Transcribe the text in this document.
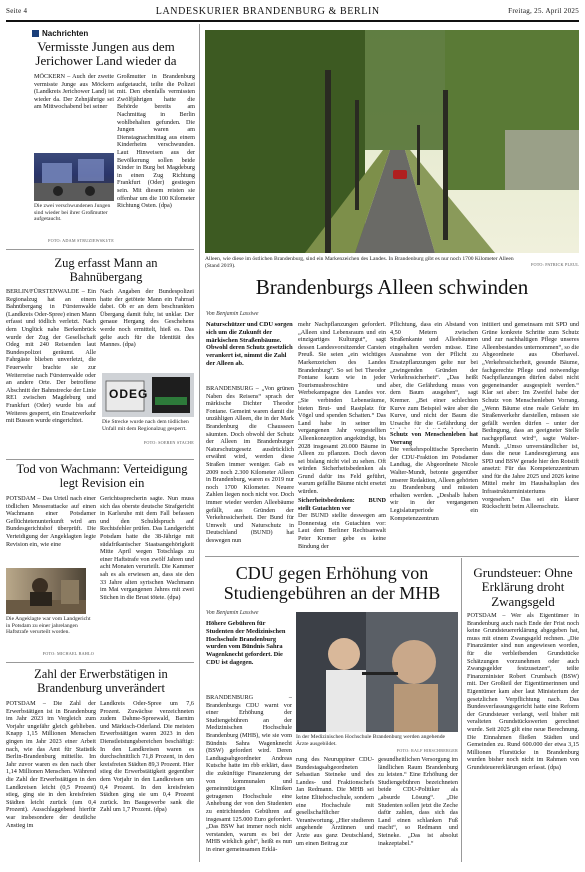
Seite 4	LANDESKURIER BRANDENBURG & BERLIN	Freitag, 25. April 2025
Nachrichten
Vermisste Jungen aus dem Jerichower Land wieder da
MÖCKERN – Auch der zweite vermisste Junge aus Möckern (Landkreis Jerichower Land) ist wieder da. Der Zehnjährige sei am Mittwochabend bei seiner
Die zwei verschwundenen Jungen sind wieder bei ihrer Großmutter aufgetaucht.
FOTO: ADAM STRUZIEWSKI/TE
Großmutter in Brandenburg aufgetaucht, teilte die Polizei mit. Den ebenfalls vermissten Zwölfjährigen hatte die Behörde bereits am Nachmittag in Berlin wohlbehalten gefunden. Die Jungen waren am Dienstagnachmittag aus einem Kinderheim verschwunden. Laut Hinweisen aus der Bevölkerung sollen beide Kinder in Burg bei Magdeburg in einen Zug Richtung Frankfurt (Oder) gestiegen sein. Mit diesem reisten sie offenbar um die 100 Kilometer Richtung Osten. (dpa)
Zug erfasst Mann an Bahnübergang
BERLIN/FÜRSTENWALDE – Ein Regionalzug hat an einem Bahnübergang in Fürstenwalde (Landkreis Oder-Spree) einen Mann erfasst und tödlich verletzt. Nach dem Unglück nahe Berkenbrück wurde der Zug der Gesellschaft Odeg mit 240 Reisenden laut Bundespolizei geräumt. Alle Fahrgäste blieben unverletzt, die Feuerwehr brachte sie zur Weiterreise nach Fürstenwalde oder an andere Orte. Der betroffene Abschnitt der Bahnstrecke der Linie RE1 zwischen Magdeburg und Frankfurt (Oder) wurde bis auf Weiteres gesperrt, ein Ersatzverkehr mit Bussen wurde eingerichtet.
Nach Angaben der Bundespolizei hatte der getötete Mann ein Fahrrad dabei. Ob er an dem beschrankten Übergang damit fuhr, ist unklar. Der genaue Hergang des Geschehens werde noch ermittelt, hieß es. Das gelte auch für die Identität des Mannes. (dpa)
ODEG
Die Strecke wurde nach dem tödlichen Unfall mit dem Regionalzug gesperrt.
FOTO: SOEREN STACHE
Tod von Wachmann: Verteidigung legt Revision ein
POTSDAM – Das Urteil nach einer tödlichen Messerattacke auf einen Wachmann einer Potsdamer Geflüchtetenunterkunft wird am Bundesgerichtshof überprüft. Die Verteidigung der Angeklagten legte Revision ein, wie eine
Die Angeklagte war vom Landgericht in Potsdam zu einer jahrelangen Haftstrafe verurteilt worden.
FOTO: MICHAEL BAHLO
Gerichtssprecherin sagte. Nun muss sich das oberste deutsche Strafgericht in Karlsruhe mit dem Fall befassen und den Schuldspruch auf Rechtsfehler prüfen. Das Landgericht Potsdam hatte die 38-Jährige mit südafrikanischer Staatsangehörigkeit Mitte April wegen Totschlags zu einer Haftstrafe von zwölf Jahren und acht Monaten verurteilt. Die Kammer sah es als erwiesen an, dass sie den 33 Jahre alten syrischen Wachmann im Mai vergangenen Jahres mit zwei Stichen in die Brust tötete. (dpa)
Zahl der Erwerbstätigen in Brandenburg unverändert
POTSDAM – Die Zahl der Erwerbstätigen ist in Brandenburg im Jahr 2023 im Vergleich zum Vorjahr ungefähr gleich geblieben. Knapp 1,15 Millionen Menschen gingen im Jahr 2023 einer Arbeit nach, wie das Amt für Statistik Berlin-Brandenburg mitteilte. Im Jahr zuvor waren es den nach über 1,14 Millionen Menschen. Während die Zahl der Erwerbstätigen in den Landkreisen leicht (0,5 Prozent) stieg, ging sie in den kreisfreien Städten leicht zurück (um 0,4 Prozent). Ausschlaggebend hierfür war insbesondere der deutliche Anstieg im
Landkreis Oder-Spree um 7,6 Prozent. Zuwächse verzeichneten zudem Dahme-Spreewald, Barnim und Märkisch-Oderland. Die meisten Erwerbstätigen waren 2023 in den Dienstleistungsbereichen beschäftigt: In den Landkreisen waren es durchschnittlich 71,8 Prozent, in den kreisfreien Städten 89,3 Prozent. Hier stieg die Erwerbstätigkeit gegenüber dem Vorjahr in den Landkreisen um 0,4 Prozent. In den kreisfreien Städten ging sie um 0,4 Prozent zurück. Im Baugewerbe sank die Zahl um 1,7 Prozent. (dpa)
Alleen, wie diese im östlichen Brandenburg, sind ein Markenzeichen des Landes. In Brandenburg gibt es nur noch 1700 Kilometer Alleen (Stand 2019).	FOTO: PATRICK PLEUL
Brandenburgs Alleen schwinden
Von Benjamin Lassiwe
Naturschützer und CDU sorgen sich um die Zukunft der märkischen Straßenbäume. Obwohl deren Schutz gesetzlich verankert ist, nimmt die Zahl der Alleen ab.
BRANDENBURG – „Von grünen Naben des Reisens“ sprach der märkische Dichter Theodor Fontane. Gemeint waren damit die unzähligen Alleen, die in der Mark Brandenburg die Chausseen säumten. Doch obwohl der Schutz der Alleen im Brandenburger Naturschutzgesetz ausdrücklich erwähnt wird, werden diese Straßen immer weniger. Gab es 2009 noch 2.300 Kilometer Alleen in Brandenburg, waren es 2019 nur noch 1700 Kilometer. Neuere Zahlen liegen noch nicht vor. Doch immer wieder werden Alleebäume gefällt, aus Gründen der Verkehrssicherheit. Der Bund für Umwelt und Naturschutz in Deutschland (BUND) hat deswegen nun
mehr Nachpflanzungen gefordert. „Alleen sind Lebensraum und ein einzigartiges Kulturgut“, sagt dessen Landesvorsitzender Carsten Preuß. Sie seien „ein wichtiges Markenzeichen des Landes Brandenburg“. So sei bei Theodor Fontane kaum wie in jeder Tourismusbroschüre und Werbekampagne des Landes vor. „Sie verbinden Lebensräume, bieten Brut- und Rastplatz für Vögel und spenden Schatten.“ Das Land habe in seiner im vergangenen Jahr vorgestellten Alleenkonzeption angekündigt, bis 2028 insgesamt 20.000 Bäume in Alleen zu pflanzen. Doch davon sei bislang nicht viel zu sehen. Oft würden Sicherheitsbedenken als Grund dafür ins Feld geführt, warum gefällte Bäume nicht ersetzt würden.
Sicherheitsbedenken: BUND stellt Gutachten vor
Der BUND stellte deswegen am Donnerstag ein Gutachten vor: Laut dem Berliner Rechtsanwalt Peter Kremer gebe es keine Bindung der
Pflichtung, dass ein Abstand von 4,50 Metern zwischen Straßenkante und Alleebäumen eingehalten werden müsse. Eine Ausnahme von der Pflicht zu Ersatzpflanzungen gelte nur bei „zwingenden Gründen der Verkehrssicherheit“. „Das heißt aber, die Gefährdung muss von dem Baum ausgehen“, sagt Kremer. „Bei einer schlechten Kurve zum Beispiel wäre aber die Kurve, und nicht der Baum die Ursache für die Gefährdung der
Schutz von Menschenleben hat Vorrang
Die verkehrspolitische Sprecherin der CDU-Fraktion im Potsdamer Landtag, die Abgeordnete Nicole Walter-Mundt, betonte gegenüber unserer Redaktion, Alleen gehörten zu Brandenburg und müssten erhalten werden. „Deshalb haben wir in der vergangenen Legislaturperiode ein Kompetenzzentrum
initiiert und gemeinsam mit SPD und Grüne konkrete Schritte zum Schutz und zur nachhaltigen Pflege unseres Alleenbestandes unternommen“, so die Abgeordnete aus Oberhavel. „Verkehrssicherheit, gesunde Bäume, fachgerechte Pflege und notwendige Nachpflanzungen dürfen dabei nicht gegeneinander ausgespielt werden.“ Klar sei aber: Im Zweifel habe der Schutz von Menschenleben Vorrang. „Wenn Bäume eine reale Gefahr im Straßenverkehr darstellen, müssen sie gefällt werden dürfen – unter der Bedingung, dass an geeigneter Stelle nachgepflanzt wird“, sagte Walter-Mundt. „Umso unverständlicher ist, dass die neue Landesregierung aus SPD und BSW gerade hier den Rotstift ansetzt: Für das Kompetenzzentrum sind für die Jahre 2025 und 2026 keine Mittel mehr im Haushaltsplan des Infrastrukturministeriums vorgesehen.“ Das sei ein klarer Rückschritt beim Alleenschutz.
CDU gegen Erhöhung von Studiengebühren an der MHB
Von Benjamin Lassiwe
Höhere Gebühren für Studenten der Medizinischen Hochschule Brandenburg wurden vom Bündnis Sahra Wagenknecht gefordert. Die CDU ist dagegen.
BRANDENBURG – Brandenburgs CDU warnt vor einer Erhöhung der Studiengebühren an der Medizinischen Hochschule Brandenburg (MHB), wie sie vom Bündnis Sahra Wagenknecht (BSW) gefordert wird. Deren Landtagsabgeordneter Andreas Kutsche hatte im rbb erklärt, dass die zukünftige Finanzierung der von kommunalen und gemeinnützigen Kliniken getragenen Hochschule eine Anhebung der von den Studenten zu entrichtenden Gebühren auf insgesamt 125.000 Euro gefordert. „Das BSW hat immer noch nicht verstanden, warum es bei der MHB wirklich geht“, heißt es nun in einer gemeinsamen Erklä-
In der Medizinischen Hochschule Brandenburg werden angehende Ärzte ausgebildet.
FOTO: RALF HIRSCHBERGER
rung des Neuruppiner CDU-Bundestagsabgeordneten Sebastian Steineke und des Landes- und Fraktionschefs Jan Redmann. Die MHB sei keine Elitehochschule, sondern eine Hochschule mit gesellschaftlicher Verantwortung. „Hier studieren angehende Ärztinnen und Ärzte aus ganz Deutschland, um einen Beitrag zur
gesundheitlichen Versorgung im ländlichen Raum Brandenburg zu leisten.“ Eine Erhöhung der Studiengebühren bezeichneten beide CDU-Politiker als „absurde Lösung“. „Die Studenten sollen jetzt die Zeche dafür zahlen, dass sich das Land einen schlanken Fuß macht“, so Redmann und Steineke. „Das ist absolut inakzeptabel.“
Grundsteuer: Ohne Erklärung droht Zwangsgeld
POTSDAM – Wer als Eigentümer in Brandenburg auch nach Ende der Frist noch keine Grundsteuererklärung abgegeben hat, muss mit einem Zwangsgeld rechnen. „Die Finanzämter sind nun angewiesen worden, für die verbleibenden Grundstücke Schätzungen vorzunehmen oder auch Zwangsgelder festzusetzen“, teilte Finanzminister Robert Crumbach (BSW) mit. Der Großteil der Eigentümerinnen und Eigentümer kam aber laut Ministerium der gesetzlichen Verpflichtung nach. Das Bundesverfassungsgericht hatte eine Reform der Grundsteuer verlangt, weil bisher mit veralteten Grundstückswerten gerechnet wurde. Seit 2025 gilt eine neue Berechnung. Die Einnahmen fließen Städten und Gemeinden zu. Rund 600.000 der etwa 3,15 Millionen Flurstücke in Brandenburg wurden bisher noch nicht im Rahmen von Grundsteuererklärungen erfasst. (dpa)
